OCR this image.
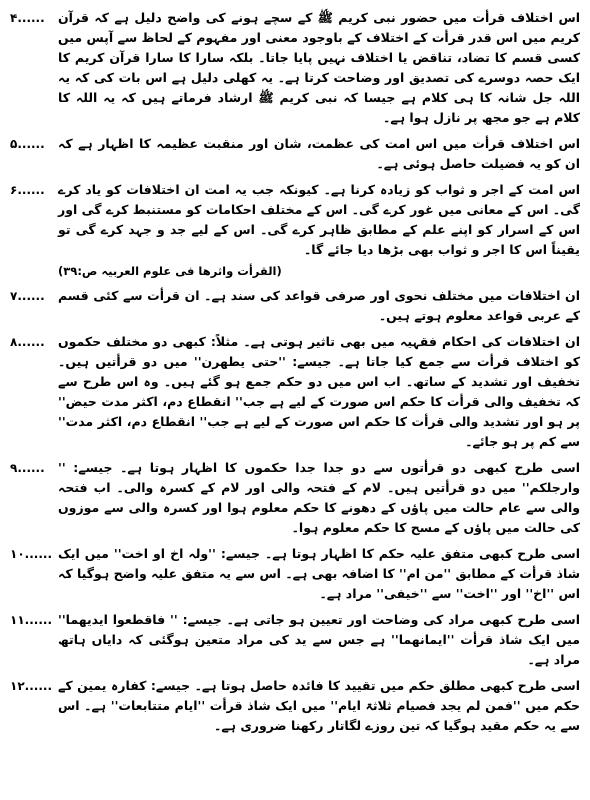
۴......	اس اختلاف قرأت میں حضور نبی کریم ﷺ کے سچے ہونے کی واضح دلیل ہے کہ قرآن کریم میں اس قدر قرأت کے اختلاف کے باوجود معنی اور مفہوم کے لحاظ سے آپس میں کسی قسم کا تضاد، تناقض یا اختلاف نہیں پایا جاتا۔ بلکہ سارا کا سارا قرآن کریم کا ایک حصہ دوسرے کی تصدیق اور وضاحت کرتا ہے۔ یہ کھلی دلیل ہے اس بات کی کہ یہ اللہ جل شانہ کا ہی کلام ہے جیسا کہ نبی کریم ﷺ ارشاد فرماتے ہیں کہ یہ اللہ کا کلام ہے جو مجھ پر نازل ہوا ہے۔
۵......	اس اختلاف قرأت میں اس امت کی عظمت، شان اور منقبت عظیمہ کا اظہار ہے کہ ان کو یہ فضیلت حاصل ہوئی ہے۔
۶......	اس امت کے اجر و ثواب کو زیادہ کرنا ہے۔ کیونکہ جب یہ امت ان اختلافات کو یاد کرے گی۔ اس کے معانی میں غور کرے گی۔ اس کے مختلف احکامات کو مستنبط کرے گی اور اس کے اسرار کو اپنے علم کے مطابق ظاہر کرے گی۔ اس کے لیے جد و جہد کرے گی تو یقیناً اس کا اجر و ثواب بھی بڑھا دیا جائے گا۔
(القرأت واثرھا فی علوم العربیہ ص:۳۹)
۷......	ان اختلافات میں مختلف نحوی اور صرفی قواعد کی سند ہے۔ ان قرأت سے کئی قسم کے عربی قواعد معلوم ہوتے ہیں۔
۸......	ان اختلافات کی احکام فقہیہ میں بھی تاثیر ہوتی ہے۔ مثلاً: کبھی دو مختلف حکموں کو اختلاف قرأت سے جمع کیا جاتا ہے۔ جیسے: ''حتی یطھرن'' میں دو قرأتیں ہیں۔ تخفیف اور تشدید کے ساتھ۔ اب اس میں دو حکم جمع ہو گئے ہیں۔ وہ اس طرح سے کہ تخفیف والی قرأت کا حکم اس صورت کے لیے ہے جب'' انقطاع دم، اکثر مدت حیض'' پر ہو اور تشدید والی قرأت کا حکم اس صورت کے لیے ہے جب'' انقطاع دم، اکثر مدت'' سے کم پر ہو جائے۔
۹......	اسی طرح کبھی دو قرأتوں سے دو جدا جدا حکموں کا اظہار ہوتا ہے۔ جیسے: '' وارجلکم'' میں دو قرأتیں ہیں۔ لام کے فتحہ والی اور لام کے کسرہ والی۔ اب فتحہ والی سے عام حالت میں پاؤں کے دھونے کا حکم معلوم ہوا اور کسرہ والی سے موزوں کی حالت میں پاؤں کے مسح کا حکم معلوم ہوا۔
۱۰...... اسی طرح کبھی متفق علیہ حکم کا اظہار ہوتا ہے۔ جیسے: ''ولہ اخ او اخت'' میں ایک شاذ قرأت کے مطابق ''من ام'' کا اضافہ بھی ہے۔ اس سے یہ متفق علیہ واضح ہوگیا کہ اس ''اخ'' اور ''اخت'' سے ''خیفی'' مراد ہے۔
۱۱...... اسی طرح کبھی مراد کی وضاحت اور تعیین ہو جاتی ہے۔ جیسے: '' فاقطعوا ایدیھما'' میں ایک شاذ قرأت ''ایمانھما'' ہے جس سے ید کی مراد متعین ہوگئی کہ دایاں ہاتھ مراد ہے۔
۱۲...... اسی طرح کبھی مطلق حکم میں تقیید کا فائدہ حاصل ہوتا ہے۔ جیسے: کفارہ یمین کے حکم میں ''فمن لم یجد فصیام ثلاثۃ ایام'' میں ایک شاذ قرأت ''ایام متتابعات'' ہے۔ اس سے یہ حکم مقید ہوگیا کہ تین روزے لگاتار رکھنا ضروری ہے۔
